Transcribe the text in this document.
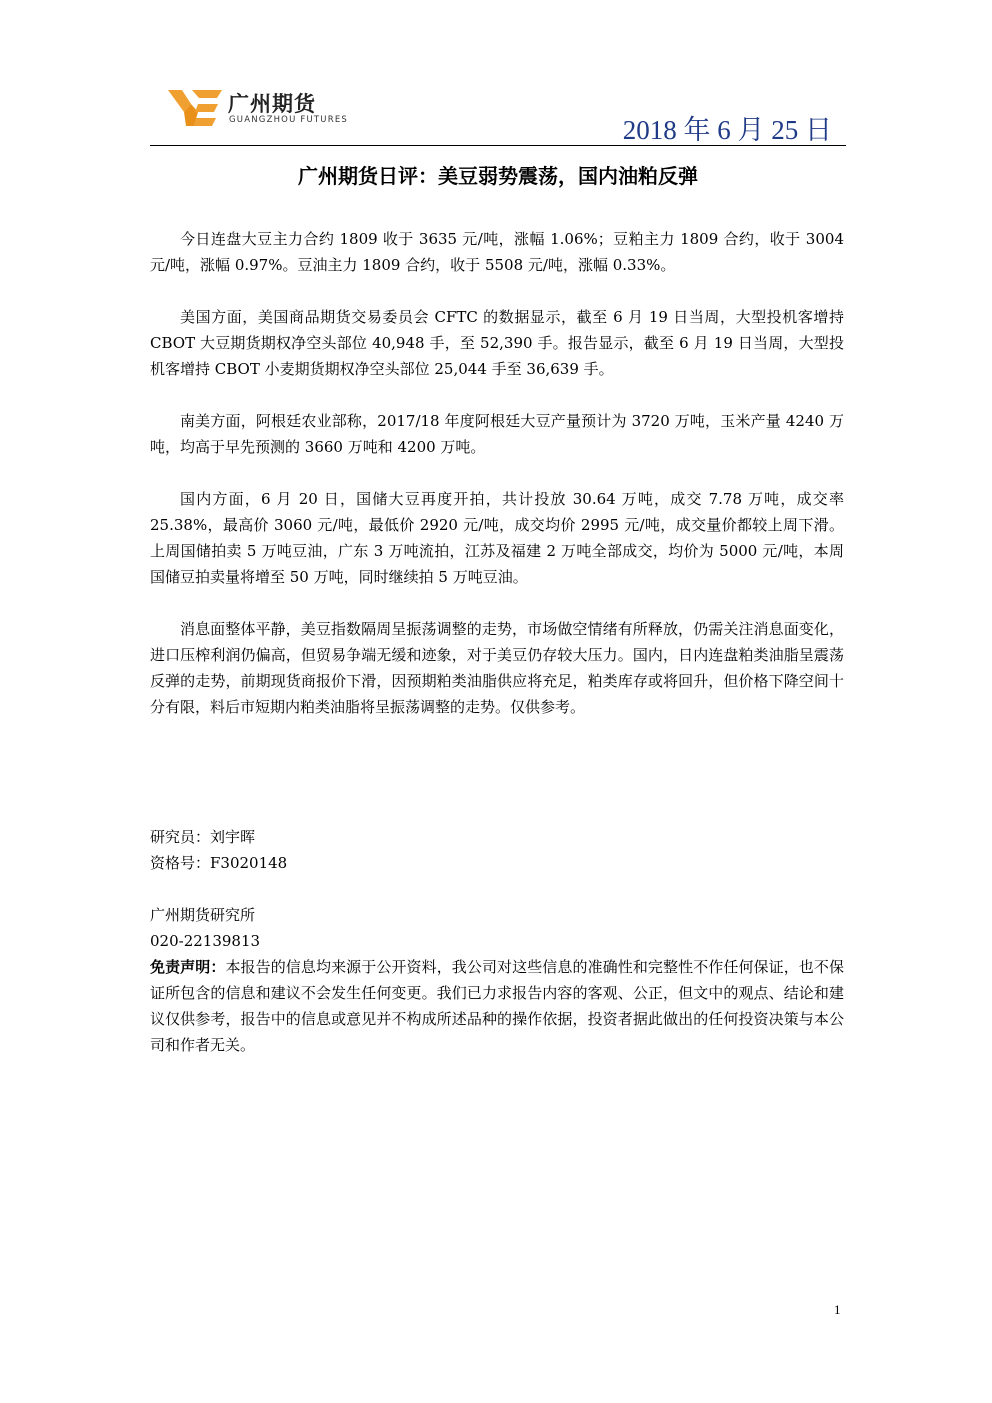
广州期货
GUANGZHOU FUTURES	2018 年 6 月 25 日
广州期货日评：美豆弱势震荡，国内油粕反弹

今日连盘大豆主力合约 1809 收于 3635 元/吨，涨幅 1.06%；豆粕主力 1809 合约，收于 3004 元/吨，涨幅 0.97%。豆油主力 1809 合约，收于 5508 元/吨，涨幅 0.33%。

美国方面，美国商品期货交易委员会 CFTC 的数据显示，截至 6 月 19 日当周，大型投机客增持 CBOT 大豆期货期权净空头部位 40,948 手，至 52,390 手。报告显示，截至 6 月 19 日当周，大型投机客增持 CBOT 小麦期货期权净空头部位 25,044 手至 36,639 手。

南美方面，阿根廷农业部称，2017/18 年度阿根廷大豆产量预计为 3720 万吨，玉米产量 4240 万吨，均高于早先预测的 3660 万吨和 4200 万吨。

国内方面，6 月 20 日，国储大豆再度开拍，共计投放 30.64 万吨，成交 7.78 万吨，成交率 25.38%，最高价 3060 元/吨，最低价 2920 元/吨，成交均价 2995 元/吨，成交量价都较上周下滑。上周国储拍卖 5 万吨豆油，广东 3 万吨流拍，江苏及福建 2 万吨全部成交，均价为 5000 元/吨，本周国储豆拍卖量将增至 50 万吨，同时继续拍 5 万吨豆油。

消息面整体平静，美豆指数隔周呈振荡调整的走势，市场做空情绪有所释放，仍需关注消息面变化，进口压榨利润仍偏高，但贸易争端无缓和迹象，对于美豆仍存较大压力。国内，日内连盘粕类油脂呈震荡反弹的走势，前期现货商报价下滑，因预期粕类油脂供应将充足，粕类库存或将回升，但价格下降空间十分有限，料后市短期内粕类油脂将呈振荡调整的走势。仅供参考。

研究员：刘宇晖
资格号：F3020148
广州期货研究所
020-22139813
免责声明：本报告的信息均来源于公开资料，我公司对这些信息的准确性和完整性不作任何保证，也不保证所包含的信息和建议不会发生任何变更。我们已力求报告内容的客观、公正，但文中的观点、结论和建议仅供参考，报告中的信息或意见并不构成所述品种的操作依据，投资者据此做出的任何投资决策与本公司和作者无关。
1
